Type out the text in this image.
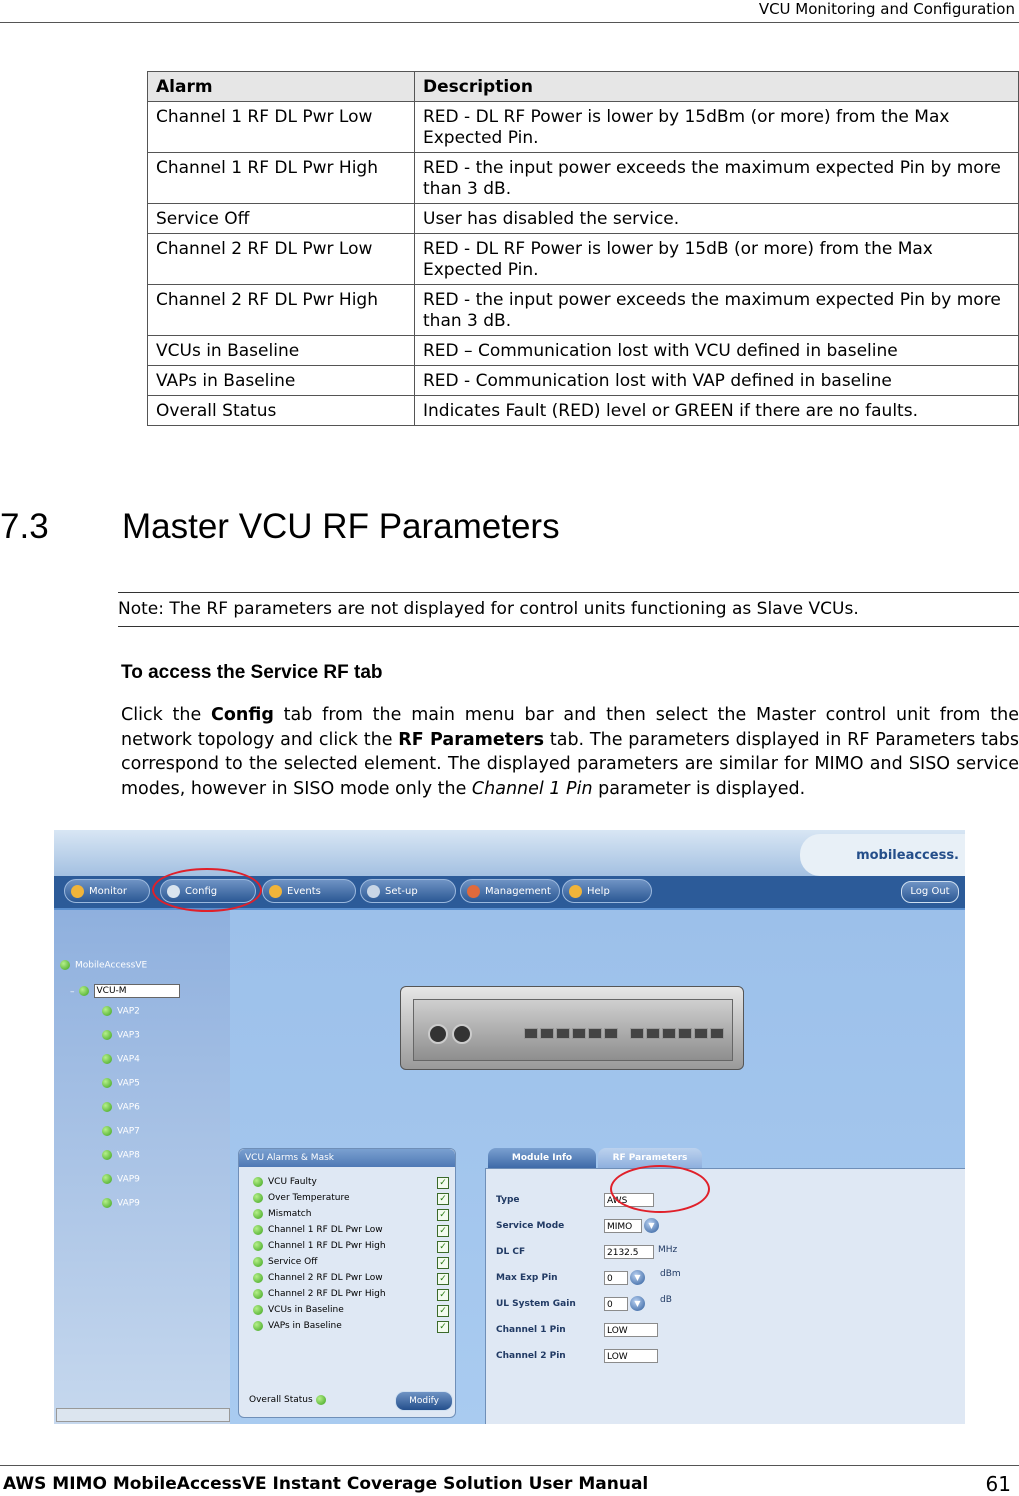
VCU Monitoring and Configuration
Alarm	Description
Channel 1 RF DL Pwr Low	RED - DL RF Power is lower by 15dBm (or more) from the Max Expected Pin.
Channel 1 RF DL Pwr High	RED - the input power exceeds the maximum expected Pin by more than 3 dB.
Service Off	User has disabled the service.
Channel 2 RF DL Pwr Low	RED - DL RF Power is lower by 15dB (or more) from the Max Expected Pin.
Channel 2 RF DL Pwr High	RED - the input power exceeds the maximum expected Pin by more than 3 dB.
VCUs in Baseline	RED – Communication lost with VCU defined in baseline
VAPs in Baseline	RED - Communication lost with VAP defined in baseline
Overall Status	Indicates Fault (RED) level or GREEN if there are no faults.
7.3 Master VCU RF Parameters
Note: The RF parameters are not displayed for control units functioning as Slave VCUs.
To access the Service RF tab
Click the Config tab from the main menu bar and then select the Master control unit from the network topology and click the RF Parameters tab. The parameters displayed in RF Parameters tabs correspond to the selected element. The displayed parameters are similar for MIMO and SISO service modes, however in SISO mode only the Channel 1 Pin parameter is displayed.
mobileaccess.
Monitor	Config	Events	Set-up	Management	Help	Log Out
MobileAccessVE
– VCU-M
VAP2
VAP3
VAP4
VAP5
VAP6
VAP7
VAP8
VAP9
VAP9
VCU Alarms & Mask
VCU Faulty	✓
Over Temperature	✓
Mismatch	✓
Channel 1 RF DL Pwr Low	✓
Channel 1 RF DL Pwr High	✓
Service Off	✓
Channel 2 RF DL Pwr Low	✓
Channel 2 RF DL Pwr High	✓
VCUs in Baseline	✓
VAPs in Baseline	✓
Overall Status	Modify
Module Info	RF Parameters
Type	AWS
Service Mode	MIMO	▼
DL CF	2132.5	MHz
Max Exp Pin	0	▼	dBm
UL System Gain	0	▼	dB
Channel 1 Pin	LOW
Channel 2 Pin	LOW
AWS MIMO MobileAccessVE Instant Coverage Solution User Manual	61
